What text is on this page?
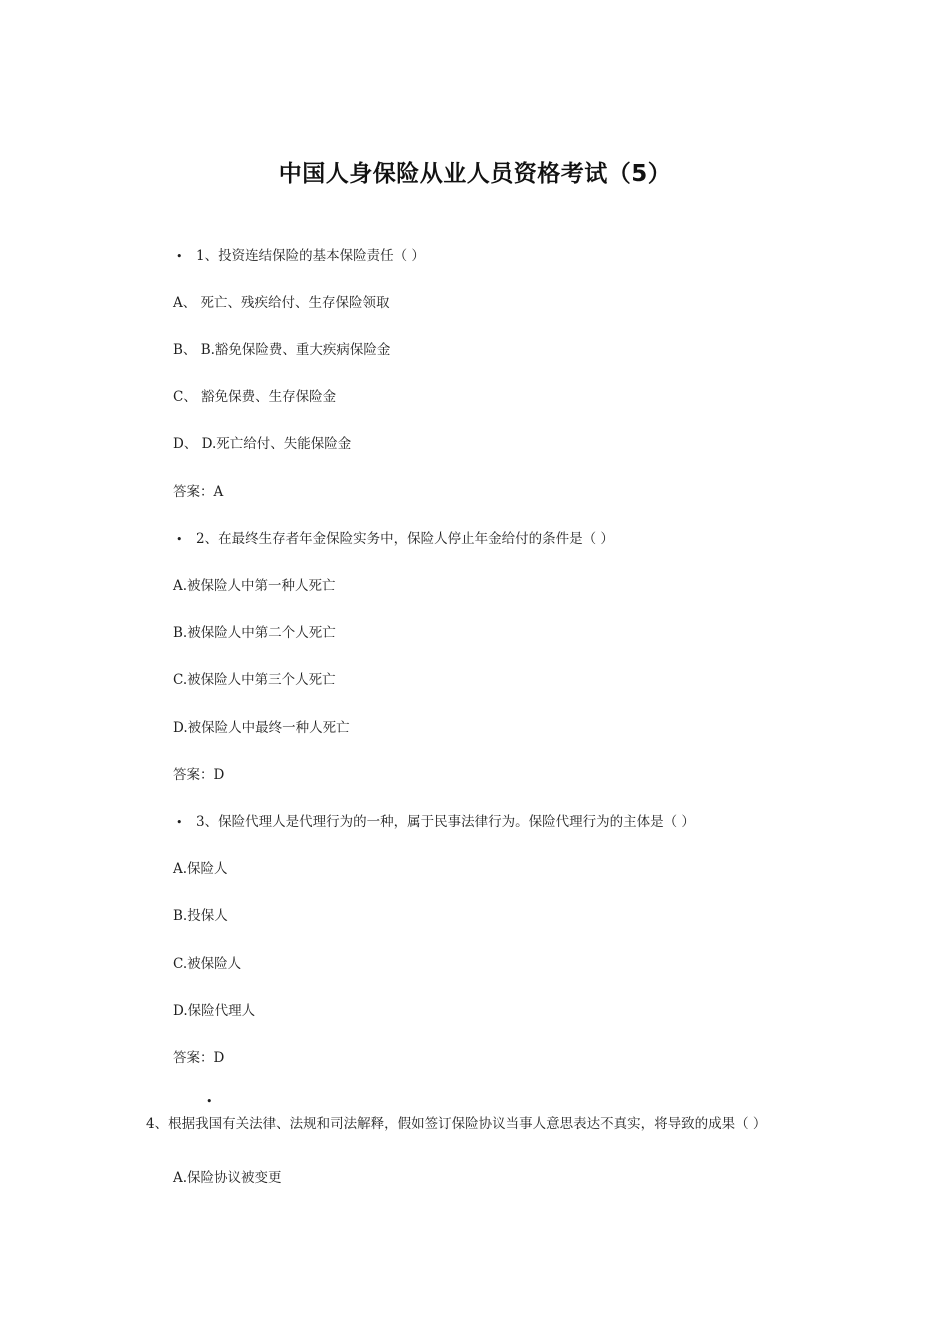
中国人身保险从业人员资格考试（5）
• 1、投资连结保险的基本保险责任（ ）
A、 死亡、残疾给付、生存保险领取
B、 B.豁免保险费、重大疾病保险金
C、 豁免保费、生存保险金
D、 D.死亡给付、失能保险金
答案：A
• 2、在最终生存者年金保险实务中，保险人停止年金给付的条件是（ ）
A.被保险人中第一种人死亡
B.被保险人中第二个人死亡
C.被保险人中第三个人死亡
D.被保险人中最终一种人死亡
答案：D
• 3、保险代理人是代理行为的一种，属于民事法律行为。保险代理行为的主体是（ ）
A.保险人
B.投保人
C.被保险人
D.保险代理人
答案：D
•4、根据我国有关法律、法规和司法解释，假如签订保险协议当事人意思表达不真实，将导致的成果（ ）
A.保险协议被变更
